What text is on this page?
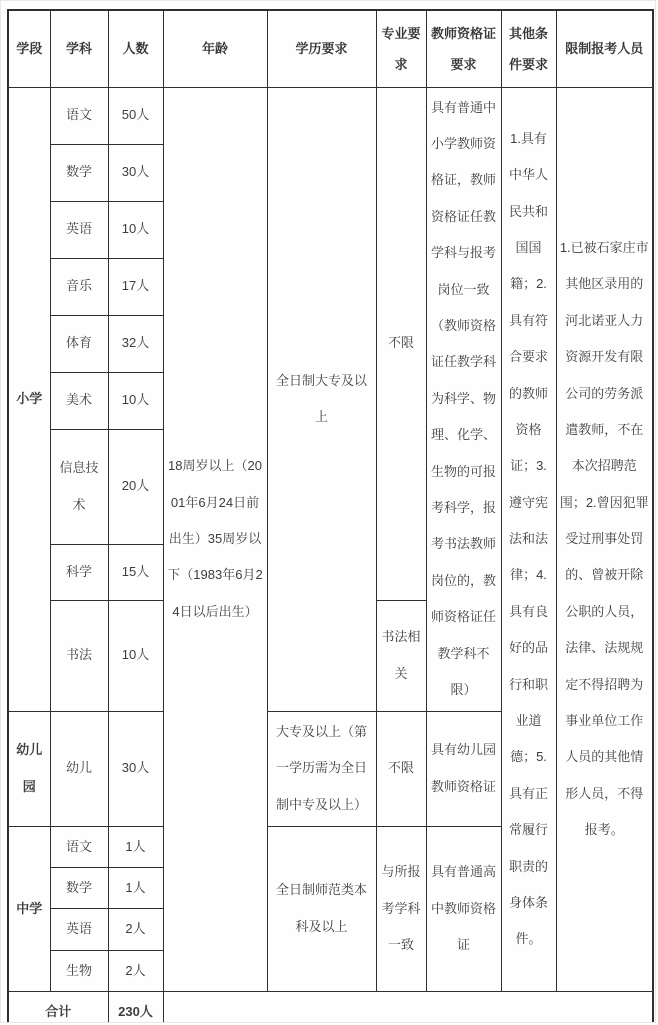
学段	学科	人数	年龄	学历要求	专业要求	教师资格证要求	其他条件要求	限制报考人员
小学	语文	50人	18周岁以上（2001年6月24日前出生）35周岁以下（1983年6月24日以后出生）	全日制大专及以上	不限	具有普通中小学教师资格证，教师资格证任教学科与报考岗位一致（教师资格证任教学科为科学、物理、化学、生物的可报考科学，报考书法教师岗位的，教师资格证任教学科不限）	1.具有中华人民共和国国籍；2.具有符合要求的教师资格证；3.遵守宪法和法律；4.具有良好的品行和职业道德；5.具有正常履行职责的身体条件。	1.已被石家庄市其他区录用的河北诺亚人力资源开发有限公司的劳务派遣教师，不在本次招聘范围；2.曾因犯罪受过刑事处罚的、曾被开除公职的人员，法律、法规规定不得招聘为事业单位工作人员的其他情形人员，不得报考。
	数学	30人						
	英语	10人						
	音乐	17人						
	体育	32人						
	美术	10人						
	信息技术	20人						
	科学	15人						
	书法	10人			书法相关			
幼儿园	幼儿	30人		大专及以上（第一学历需为全日制中专及以上）	不限	具有幼儿园教师资格证		
中学	语文	1人		全日制师范类本科及以上	与所报考学科一致	具有普通高中教师资格证		
	数学	1人						
	英语	2人						
	生物	2人						
合计		230人						
